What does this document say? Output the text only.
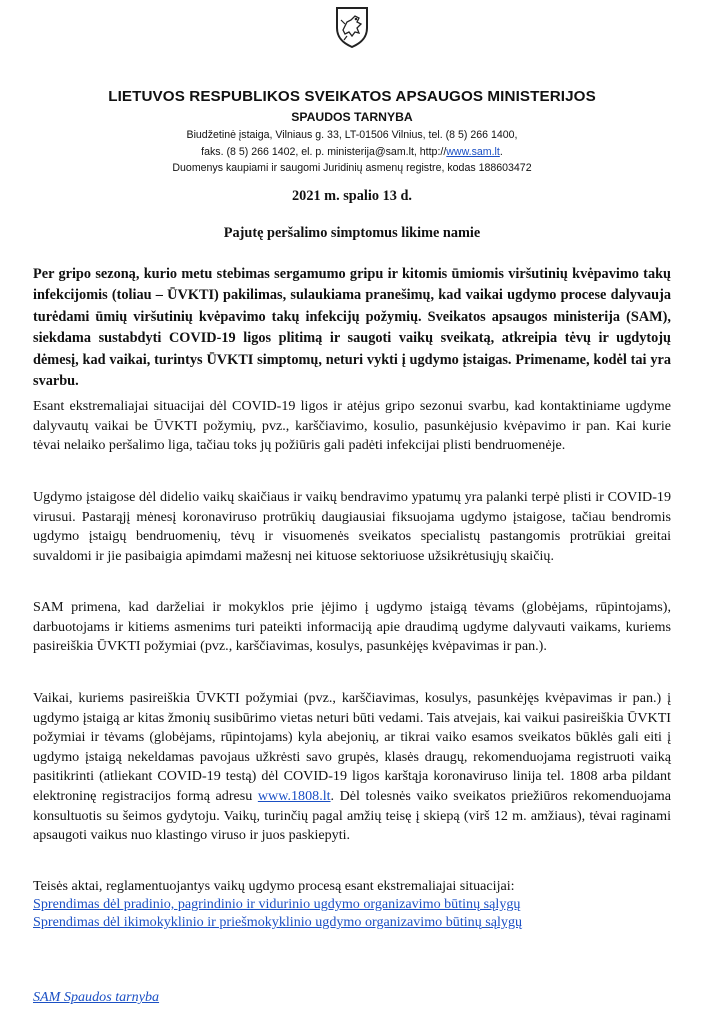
LIETUVOS RESPUBLIKOS SVEIKATOS APSAUGOS MINISTERIJOS
SPAUDOS TARNYBA
Biudžetinė įstaiga, Vilniaus g. 33, LT-01506 Vilnius, tel. (8 5) 266 1400,
faks. (8 5) 266 1402, el. p. ministerija@sam.lt, http://www.sam.lt.
Duomenys kaupiami ir saugomi Juridinių asmenų registre, kodas 188603472
2021 m. spalio 13 d.
Pajutę peršalimo simptomus likime namie
Per gripo sezoną, kurio metu stebimas sergamumo gripu ir kitomis ūmiomis viršutinių kvėpavimo takų infekcijomis (toliau – ŪVKTI) pakilimas, sulaukiama pranešimų, kad vaikai ugdymo procese dalyvauja turėdami ūmių viršutinių kvėpavimo takų infekcijų požymių. Sveikatos apsaugos ministerija (SAM), siekdama sustabdyti COVID-19 ligos plitimą ir saugoti vaikų sveikatą, atkreipia tėvų ir ugdytojų dėmesį, kad vaikai, turintys ŪVKTI simptomų, neturi vykti į ugdymo įstaigas. Primename, kodėl tai yra svarbu.
Esant ekstremaliajai situacijai dėl COVID-19 ligos ir atėjus gripo sezonui svarbu, kad kontaktiniame ugdyme dalyvautų vaikai be ŪVKTI požymių, pvz., karščiavimo, kosulio, pasunkėjusio kvėpavimo ir pan. Kai kurie tėvai nelaiko peršalimo liga, tačiau toks jų požiūris gali padėti infekcijai plisti bendruomenėje.
Ugdymo įstaigose dėl didelio vaikų skaičiaus ir vaikų bendravimo ypatumų yra palanki terpė plisti ir COVID-19 virusui. Pastarąjį mėnesį koronaviruso protrūkių daugiausiai fiksuojama ugdymo įstaigose, tačiau bendromis ugdymo įstaigų bendruomenių, tėvų ir visuomenės sveikatos specialistų pastangomis protrūkiai greitai suvaldomi ir jie pasibaigia apimdami mažesnį nei kituose sektoriuose užsikrėtusiųjų skaičių.
SAM primena, kad darželiai ir mokyklos prie įėjimo į ugdymo įstaigą tėvams (globėjams, rūpintojams), darbuotojams ir kitiems asmenims turi pateikti informaciją apie draudimą ugdyme dalyvauti vaikams, kuriems pasireiškia ŪVKTI požymiai (pvz., karščiavimas, kosulys, pasunkėjęs kvėpavimas ir pan.).
Vaikai, kuriems pasireiškia ŪVKTI požymiai (pvz., karščiavimas, kosulys, pasunkėjęs kvėpavimas ir pan.) į ugdymo įstaigą ar kitas žmonių susibūrimo vietas neturi būti vedami. Tais atvejais, kai vaikui pasireiškia ŪVKTI požymiai ir tėvams (globėjams, rūpintojams) kyla abejonių, ar tikrai vaiko esamos sveikatos būklės gali eiti į ugdymo įstaigą nekeldamas pavojaus užkrėsti savo grupės, klasės draugų, rekomenduojama registruoti vaiką pasitikrinti (atliekant COVID-19 testą) dėl COVID-19 ligos karštąja koronaviruso linija tel. 1808 arba pildant elektroninę registracijos formą adresu www.1808.lt. Dėl tolesnės vaiko sveikatos priežiūros rekomenduojama konsultuotis su šeimos gydytoju. Vaikų, turinčių pagal amžių teisę į skiepą (virš 12 m. amžiaus), tėvai raginami apsaugoti vaikus nuo klastingo viruso ir juos paskiepyti.
Teisės aktai, reglamentuojantys vaikų ugdymo procesą esant ekstremaliajai situacijai:
Sprendimas dėl pradinio, pagrindinio ir vidurinio ugdymo organizavimo būtinų sąlygų
Sprendimas dėl ikimokyklinio ir priešmokyklinio ugdymo organizavimo būtinų sąlygų
SAM Spaudos tarnyba
